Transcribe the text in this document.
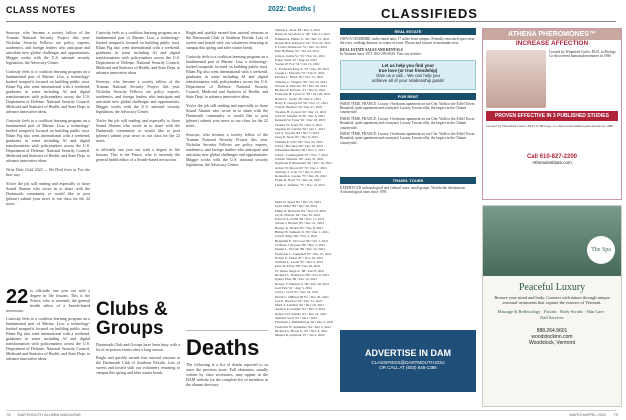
CLASS NOTES	2022: Deaths |	CLASSIFIEDS
Seacoya, who became a society fellow of the Truman National Security Project this year. Nicholas Security Fellows are policy experts, academics, and foreign leaders who anticipate and articulate new global challenges and opportunities. Maggie works with the U.S. national security legislation, the Advocacy Center.
Curiosity feels to a coalition learning program on a fundamental part of Marine. Lisa, a technology-backed nonprofit focused on building public trust. Ethan Fig also went international with a weekend, graduates in some including AI and digital transformation with policymakers across the U.S. Department of Defense. National Security Council, Medicaid and Statistics of Health, and State Dept. to advance innovative ideas.
Curiosity feels to a coalition learning program on a fundamental part of Marine. Lisa, a technology-backed nonprofit focused on building public trust. Ethan Fig also went international with a weekend, graduates in some including AI and digital transformation with policymakers across the U.S. Department of Defense. National Security Council, Medicaid and Statistics of Health, and State Dept. to advance innovative ideas.
Write Dale Gold 2022 — Ski Deal lives in Fox the best way.
You're the job still reading and especially to those Sound Alumni who wrote in to share with the Dartmouth community or would like to post (please) submit your news to our class for the 22 notes.
22 is officially one year out with a degree in life lessons. This is the Prince, who is currently the general health editor of a Seattle-based newsroom.
Curiosity feels to a coalition learning program on a fundamental part of Marine. Lisa, a technology-backed nonprofit focused on building public trust. Ethan Fig also went international with a weekend, graduates in some including AI and digital transformation with policymakers across the U.S. Department of Defense. National Security Council, Medicaid and Statistics of Health, and State Dept. to advance innovative ideas.
Curiosity feels to a coalition learning program on a fundamental part of Marine. Lisa, a technology-backed nonprofit focused on building public trust. Ethan Fig also went international with a weekend, graduates in some including AI and digital transformation with policymakers across the U.S. Department of Defense. National Security Council, Medicaid and Statistics of Health, and State Dept. to advance innovative ideas.
Seacoya, who became a society fellow of the Truman National Security Project this year. Nicholas Security Fellows are policy experts, academics, and foreign leaders who anticipate and articulate new global challenges and opportunities. Maggie works with the U.S. national security legislation, the Advocacy Center.
You're the job still reading and especially to those Sound Alumni who wrote in to share with the Dartmouth community or would like to post (please) submit your news to our class for the 22 notes.
is officially one year out with a degree in life lessons. This is the Prince, who is currently the general health editor of a Seattle-based newsroom.
Clubs & Groups
Dartmouth Club and Groups have been busy with a lot of in-person events after a long season.
Bright and quickly earned four tutorial sessions at the Dartmouth Club of Southern Florida. Lots of sweets and hosted with our volunteers returning to campus this spring and after winter break.
Bright and quickly earned four tutorial sessions at the Dartmouth Club of Southern Florida. Lots of sweets and hosted with our volunteers returning to campus this spring and after winter break.
Curiosity feels to a coalition learning program on a fundamental part of Marine. Lisa, a technology-backed nonprofit focused on building public trust. Ethan Fig also went international with a weekend, graduates in some including AI and digital transformation with policymakers across the U.S. Department of Defense. National Security Council, Medicaid and Statistics of Health, and State Dept. to advance innovative ideas.
You're the job still reading and especially to those Sound Alumni who wrote in to share with the Dartmouth community or would like to post (please) submit your news to our class for the 22 notes.
Seacoya, who became a society fellow of the Truman National Security Project this year. Nicholas Security Fellows are policy experts, academics, and foreign leaders who anticipate and articulate new global challenges and opportunities. Maggie works with the U.S. national security legislation, the Advocacy Center.
Deaths
The following is a list of deaths reported to us since the previous issue. Full obituaries, usually written by class secretaries, may appear in the DAM website for the complete list of members in the alumni directory.
Samuel L. Katz '48 • Dec 5, 2021
Henry R. Woodard Jr. '48 • Dec 21, 2021
Edmund A. Heller Jr. '49 • Dec 15, 2021
Robert Bob Robinson '50 • Nov 24, 2021
F. Lewis Dickerson '51 • Dec 12, 2021
Pete Hoffman '52 • Oct 24, 2021
John A. Kalbe Sr. '53 • Nov 22, 2021
Edgar Seals '53 • Aug 24, 2021
Vestus W. Fox '54 • Oct 15, 2021
L. Frederick King Jr. '55 • Dec 30, 2021
Joseph C. Eleroma '55 • Dec 6, 2021
Donald L. Brion '56 • Nov 11, 2021
Timothy C. Wagner '56 • Oct 24, 2021
Preston A. Fletcher '56 • Dec 30, 2021
Richard P. Poroneo '57 • Nov 6, 2021
Frederick H. Lyons Jr. '58 • Oct 29, 2021
Robert L. Sacks '58 • Dec 2, 2021
Harry E. George III '59 • Nov 17, 2021
John R. Bechtel '59 • Dec 27, 2021
Thomas H. Corson '60 • Dec 21, 2021
John W. Stauffer II '60 • Dec 6, 2021
Kenneth W. Tyner '61 • Dec 18, 2021
Charles W. Jones '61 • Dec 2, 2021
Stephen W. Gabriel '62 • Oct 1, 2021
Joel S. Upjohn '64 • Dec 5, 2021
Greg R. Stroh '65 • Dec 6, 2021
William F. Starr '66 • Nov 22, 2021
John L. Brocken '66 • Dec 30, 2021
Wheatman Beezee '66 • Nov 1, 2021
John L. Cunningham '67 • Nov 7, 2021
John R. Wheeler '68 • Aug 31, 2021
Raymond P. Blanchard '69 • Dec 16, 2021
Arthur W. Moore III '70 • Dec 1, 2021
Anthony J. Cole '72 • Dec 6, 2021
Kenneth A. Gerske '73 • Dec 20, 2021
Frank D. Nord '74 • Dec 22, 2021
Linda C. Gilmore '75 • Nov 14, 2021
REAL ESTATE
OWN A CHAMBRE, turbo rental units 17 miles from campus. Friendly renovated space near the river, walking distance to center of town. Photos and contact at mountain-view.
REAL ESTATE SALES AND RENTALS
In Vermont since 1971. 802-295-0020. Visit our website.
Let us help you find your
true love (or true friendship)
Give us a call... We can help you
achieve all of your relationship goals!
FOR RENT
PARIS 7ÈME, FRANCE: Luxury 1-bedroom apartment on rue Cler. Walk to the Eiffel Tower. Beautiful, quiet apartment and courtyard. Luxury Tuscan villa, the largest in the Chianti countryside.
PARIS 7ÈME, FRANCE: Luxury 1-bedroom apartment on rue Cler. Walk to the Eiffel Tower. Beautiful, quiet apartment and courtyard. Luxury Tuscan villa, the largest in the Chianti countryside.
PARIS 7ÈME, FRANCE: Luxury 1-bedroom apartment on rue Cler. Walk to the Eiffel Tower. Beautiful, quiet apartment and courtyard. Luxury Tuscan villa, the largest in the Chianti countryside.
TRAVEL TOURS
EXPERT-LED archaeological and cultural tours, small groups. Worldwide destinations. Archaeological tours since 1995.
ADVERTISE IN DAM
CLASSIFIEDS@DARTMOUTH.EDU
OR CALL AT (603) 646-1386
ATHENA PHEROMONES™
INCREASE AFFECTION
Created by Winnifred Cutler, Ph.D. in Biology. Co-discovered human pheromones in 1986
PROVEN EFFECTIVE IN 3 PUBLISHED STUDIES
Created by Winnifred Cutler, Ph.D. in Biology. Co-discovered human pheromones in 1986
Call 610-827-2200
Athenainstitute.com
The Spa
Peaceful Luxury
Restore your mind and body. Connect with nature through unique seasonal treatments that capture the essence of Vermont.
Massage & Reflexology · Facials · Body Scrubs · Skin Care · Nail Services
888.264.9601
woodstockinn.com
Woodstock, Vermont
78 DARTMOUTH ALUMNI MAGAZINE	MARCH/APRIL 2022 79
Mark N. Speer '82 • Dec 25, 2021
Lynn Stiller '83 • Nov 20, 2021
Philip R. Richards '84 • Nov 23, 2021
Jay R. Holtzer '84 • Dec 30, 2021
Edward A. Pollet '84 • Nov 11, 2021
Steven J. Brabell '85 • Dec 21, 2021
Barney K. Nickel '85 • Dec 8, 2021
Hubert B. Samuels Jr. '86 • Dec 1, 2021
John P. Riley '86 • Nov 2, 2021
Benjamin E. Vervoost '86 • Oct 1, 2021
Clement J. Roynan '86 • Dec 2, 2021
Daniel L. Yervant '86 • Dec 24, 2021
Frederick L. Campbell '87 • Dec 27, 2021
Robert E. Friese '87 • Nov 24, 2021
William L. Leone '87 • Dec 2, 2021
Peter R. Fabry '88 • Dec 20, 2021
W. James Seigh Jr. '88 • Dec 8, 2021
Richard S. Thompson '89 • Nov 9, 2021
Ignace Efua '89 • Dec 12, 2021
Barney V. Hansen Jr. '90 • Dec 28, 2021
Gail Yale '91 • Aug 5, 2021
John C. Lord '91 • Dec 16, 2021
David C. O'Brien III '91 • Dec 24, 2021
Joel E. Beardon '92 • Dec 31, 2021
Mark T. Lambert '92 • Dec 20, 2021
Andrew P. Galliher '93 • Dec 3, 2021
Rebecca D. Ashley '93 • Dec 19, 2021
Sheldon Scott '93 • Jan 2, 2022
Elizabeth J. Middlebrook '94 • Dec 3, 2021
Frederick W. Seidenber '94 • Dec 2, 2021
Richard G. Brook Jr. '95 • Nov 4, 2021
Miguel R. Alymont '07 • Jan 2, 2022
